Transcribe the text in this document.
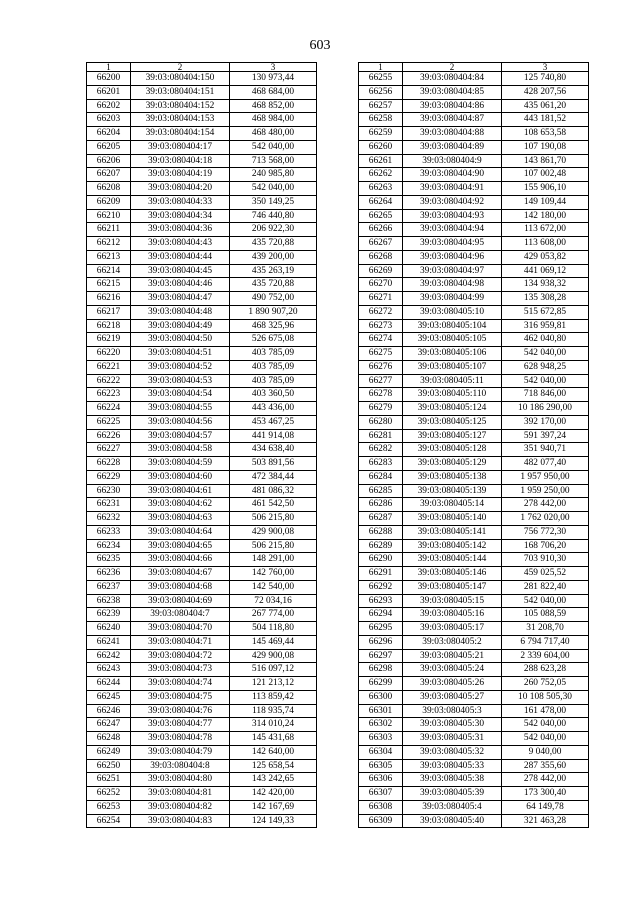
603
1	2	3
66200	39:03:080404:150	130 973,44
66201	39:03:080404:151	468 684,00
66202	39:03:080404:152	468 852,00
66203	39:03:080404:153	468 984,00
66204	39:03:080404:154	468 480,00
66205	39:03:080404:17	542 040,00
66206	39:03:080404:18	713 568,00
66207	39:03:080404:19	240 985,80
66208	39:03:080404:20	542 040,00
66209	39:03:080404:33	350 149,25
66210	39:03:080404:34	746 440,80
66211	39:03:080404:36	206 922,30
66212	39:03:080404:43	435 720,88
66213	39:03:080404:44	439 200,00
66214	39:03:080404:45	435 263,19
66215	39:03:080404:46	435 720,88
66216	39:03:080404:47	490 752,00
66217	39:03:080404:48	1 890 907,20
66218	39:03:080404:49	468 325,96
66219	39:03:080404:50	526 675,08
66220	39:03:080404:51	403 785,09
66221	39:03:080404:52	403 785,09
66222	39:03:080404:53	403 785,09
66223	39:03:080404:54	403 360,50
66224	39:03:080404:55	443 436,00
66225	39:03:080404:56	453 467,25
66226	39:03:080404:57	441 914,08
66227	39:03:080404:58	434 638,40
66228	39:03:080404:59	503 891,56
66229	39:03:080404:60	472 384,44
66230	39:03:080404:61	481 086,32
66231	39:03:080404:62	461 542,50
66232	39:03:080404:63	506 215,80
66233	39:03:080404:64	429 900,08
66234	39:03:080404:65	506 215,80
66235	39:03:080404:66	148 291,00
66236	39:03:080404:67	142 760,00
66237	39:03:080404:68	142 540,00
66238	39:03:080404:69	72 034,16
66239	39:03:080404:7	267 774,00
66240	39:03:080404:70	504 118,80
66241	39:03:080404:71	145 469,44
66242	39:03:080404:72	429 900,08
66243	39:03:080404:73	516 097,12
66244	39:03:080404:74	121 213,12
66245	39:03:080404:75	113 859,42
66246	39:03:080404:76	118 935,74
66247	39:03:080404:77	314 010,24
66248	39:03:080404:78	145 431,68
66249	39:03:080404:79	142 640,00
66250	39:03:080404:8	125 658,54
66251	39:03:080404:80	143 242,65
66252	39:03:080404:81	142 420,00
66253	39:03:080404:82	142 167,69
66254	39:03:080404:83	124 149,33
1	2	3
66255	39:03:080404:84	125 740,80
66256	39:03:080404:85	428 207,56
66257	39:03:080404:86	435 061,20
66258	39:03:080404:87	443 181,52
66259	39:03:080404:88	108 653,58
66260	39:03:080404:89	107 190,08
66261	39:03:080404:9	143 861,70
66262	39:03:080404:90	107 002,48
66263	39:03:080404:91	155 906,10
66264	39:03:080404:92	149 109,44
66265	39:03:080404:93	142 180,00
66266	39:03:080404:94	113 672,00
66267	39:03:080404:95	113 608,00
66268	39:03:080404:96	429 053,82
66269	39:03:080404:97	441 069,12
66270	39:03:080404:98	134 938,32
66271	39:03:080404:99	135 308,28
66272	39:03:080405:10	515 672,85
66273	39:03:080405:104	316 959,81
66274	39:03:080405:105	462 040,80
66275	39:03:080405:106	542 040,00
66276	39:03:080405:107	628 948,25
66277	39:03:080405:11	542 040,00
66278	39:03:080405:110	718 846,00
66279	39:03:080405:124	10 186 290,00
66280	39:03:080405:125	392 170,00
66281	39:03:080405:127	591 397,24
66282	39:03:080405:128	351 940,71
66283	39:03:080405:129	482 077,40
66284	39:03:080405:138	1 957 950,00
66285	39:03:080405:139	1 959 250,00
66286	39:03:080405:14	278 442,00
66287	39:03:080405:140	1 762 020,00
66288	39:03:080405:141	756 772,30
66289	39:03:080405:142	168 706,20
66290	39:03:080405:144	703 910,30
66291	39:03:080405:146	459 025,52
66292	39:03:080405:147	281 822,40
66293	39:03:080405:15	542 040,00
66294	39:03:080405:16	105 088,59
66295	39:03:080405:17	31 208,70
66296	39:03:080405:2	6 794 717,40
66297	39:03:080405:21	2 339 604,00
66298	39:03:080405:24	288 623,28
66299	39:03:080405:26	260 752,05
66300	39:03:080405:27	10 108 505,30
66301	39:03:080405:3	161 478,00
66302	39:03:080405:30	542 040,00
66303	39:03:080405:31	542 040,00
66304	39:03:080405:32	9 040,00
66305	39:03:080405:33	287 355,60
66306	39:03:080405:38	278 442,00
66307	39:03:080405:39	173 300,40
66308	39:03:080405:4	64 149,78
66309	39:03:080405:40	321 463,28
